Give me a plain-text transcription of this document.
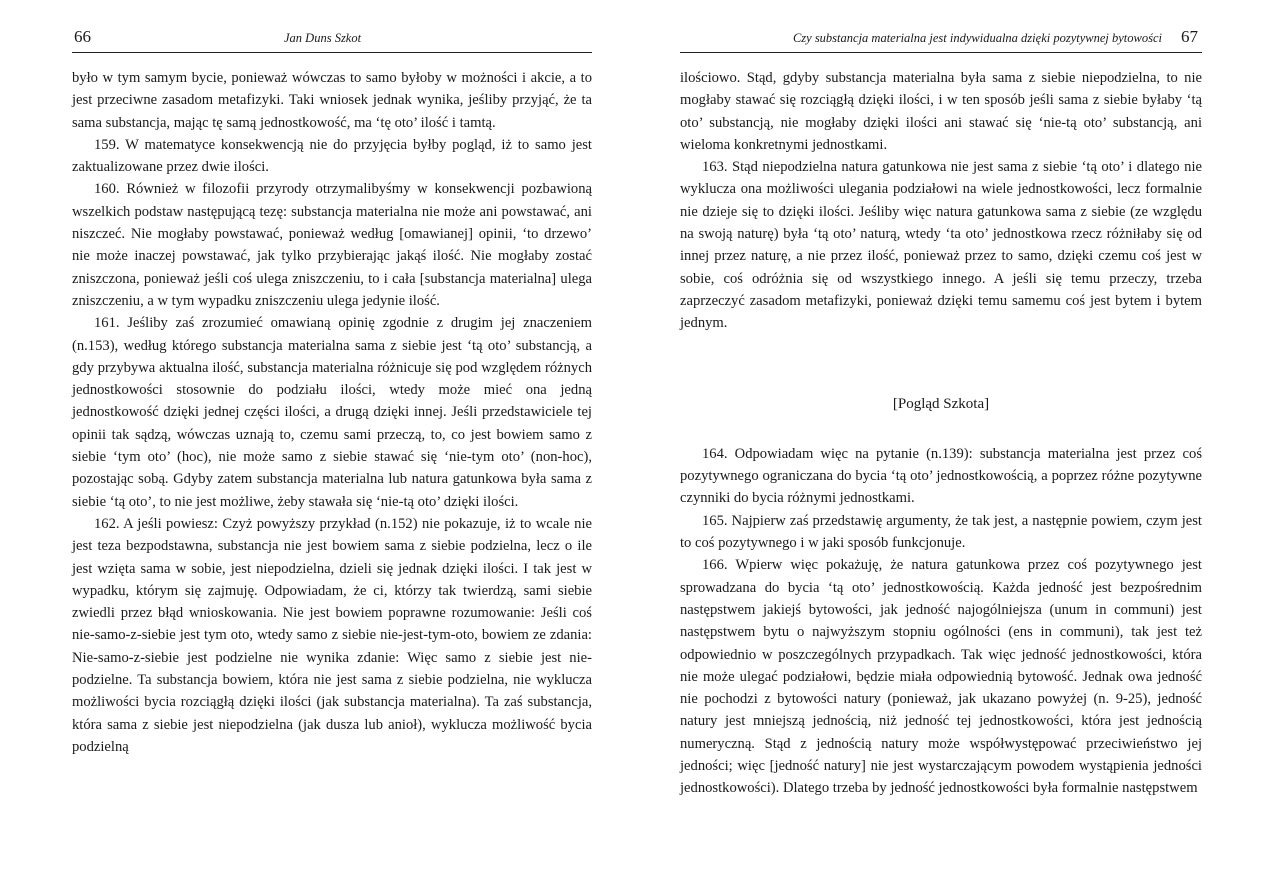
66	Jan Duns Szkot

było w tym samym bycie, ponieważ wówczas to samo byłoby w możności i akcie, a to jest przeciwne zasadom metafizyki. Taki wniosek jednak wynika, jeśliby przyjąć, że ta sama substancja, mając tę samą jednostkowość, ma ‘tę oto’ ilość i tamtą.

159. W matematyce konsekwencją nie do przyjęcia byłby pogląd, iż to samo jest zaktualizowane przez dwie ilości.

160. Również w filozofii przyrody otrzymalibyśmy w konsekwencji pozbawioną wszelkich podstaw następującą tezę: substancja materialna nie może ani powstawać, ani niszczeć. Nie mogłaby powstawać, ponieważ według [omawianej] opinii, ‘to drzewo’ nie może inaczej powstawać, jak tylko przybierając jakąś ilość. Nie mogłaby zostać zniszczona, ponieważ jeśli coś ulega zniszczeniu, to i cała [substancja materialna] ulega zniszczeniu, a w tym wypadku zniszczeniu ulega jedynie ilość.

161. Jeśliby zaś zrozumieć omawianą opinię zgodnie z drugim jej znaczeniem (n.153), według którego substancja materialna sama z siebie jest ‘tą oto’ substancją, a gdy przybywa aktualna ilość, substancja materialna różnicuje się pod względem różnych jednostkowości stosownie do podziału ilości, wtedy może mieć ona jedną jednostkowość dzięki jednej części ilości, a drugą dzięki innej. Jeśli przedstawiciele tej opinii tak sądzą, wówczas uznają to, czemu sami przeczą, to, co jest bowiem samo z siebie ‘tym oto’ (hoc), nie może samo z siebie stawać się ‘nie-tym oto’ (non-hoc), pozostając sobą. Gdyby zatem substancja materialna lub natura gatunkowa była sama z siebie ‘tą oto’, to nie jest możliwe, żeby stawała się ‘nie-tą oto’ dzięki ilości.

162. A jeśli powiesz: Czyż powyższy przykład (n.152) nie pokazuje, iż to wcale nie jest teza bezpodstawna, substancja nie jest bowiem sama z siebie podzielna, lecz o ile jest wzięta sama w sobie, jest niepodzielna, dzieli się jednak dzięki ilości. I tak jest w wypadku, którym się zajmuję. Odpowiadam, że ci, którzy tak twierdzą, sami siebie zwiedli przez błąd wnioskowania. Nie jest bowiem poprawne rozumowanie: Jeśli coś nie-samo-z-siebie jest tym oto, wtedy samo z siebie nie-jest-tym-oto, bowiem ze zdania: Nie-samo-z-siebie jest podzielne nie wynika zdanie: Więc samo z siebie jest nie-podzielne. Ta substancja bowiem, która nie jest sama z siebie podzielna, nie wyklucza możliwości bycia rozciągłą dzięki ilości (jak substancja materialna). Ta zaś substancja, która sama z siebie jest niepodzielna (jak dusza lub anioł), wyklucza możliwość bycia podzielną

Czy substancja materialna jest indywidualna dzięki pozytywnej bytowości 67

ilościowo. Stąd, gdyby substancja materialna była sama z siebie niepodzielna, to nie mogłaby stawać się rozciągłą dzięki ilości, i w ten sposób jeśli sama z siebie byłaby ‘tą oto’ substancją, nie mogłaby dzięki ilości ani stawać się ‘nie-tą oto’ substancją, ani wieloma konkretnymi jednostkami.

163. Stąd niepodzielna natura gatunkowa nie jest sama z siebie ‘tą oto’ i dlatego nie wyklucza ona możliwości ulegania podziałowi na wiele jednostkowości, lecz formalnie nie dzieje się to dzięki ilości. Jeśliby więc natura gatunkowa sama z siebie (ze względu na swoją naturę) była ‘tą oto’ naturą, wtedy ‘ta oto’ jednostkowa rzecz różniłaby się od innej przez naturę, a nie przez ilość, ponieważ przez to samo, dzięki czemu coś jest w sobie, coś odróżnia się od wszystkiego innego. A jeśli się temu przeczy, trzeba zaprzeczyć zasadom metafizyki, ponieważ dzięki temu samemu coś jest bytem i bytem jednym.

[Pogląd Szkota]

164. Odpowiadam więc na pytanie (n.139): substancja materialna jest przez coś pozytywnego ograniczana do bycia ‘tą oto’ jednostkowością, a poprzez różne pozytywne czynniki do bycia różnymi jednostkami.

165. Najpierw zaś przedstawię argumenty, że tak jest, a następnie powiem, czym jest to coś pozytywnego i w jaki sposób funkcjonuje.

166. Wpierw więc pokażuję, że natura gatunkowa przez coś pozytywnego jest sprowadzana do bycia ‘tą oto’ jednostkowością. Każda jedność jest bezpośrednim następstwem jakiejś bytowości, jak jedność najogólniejsza (unum in communi) jest następstwem bytu o najwyższym stopniu ogólności (ens in communi), tak jest też odpowiednio w poszczególnych przypadkach. Tak więc jedność jednostkowości, która nie może ulegać podziałowi, będzie miała odpowiednią bytowość. Jednak owa jedność nie pochodzi z bytowości natury (ponieważ, jak ukazano powyżej (n. 9-25), jedność natury jest mniejszą jednością, niż jedność tej jednostkowości, która jest jednością numeryczną. Stąd z jednością natury może współwystępować przeciwieństwo jej jedności; więc [jedność natury] nie jest wystarczającym powodem wystąpienia jedności jednostkowości). Dlatego trzeba by jedność jednostkowości była formalnie następstwem
